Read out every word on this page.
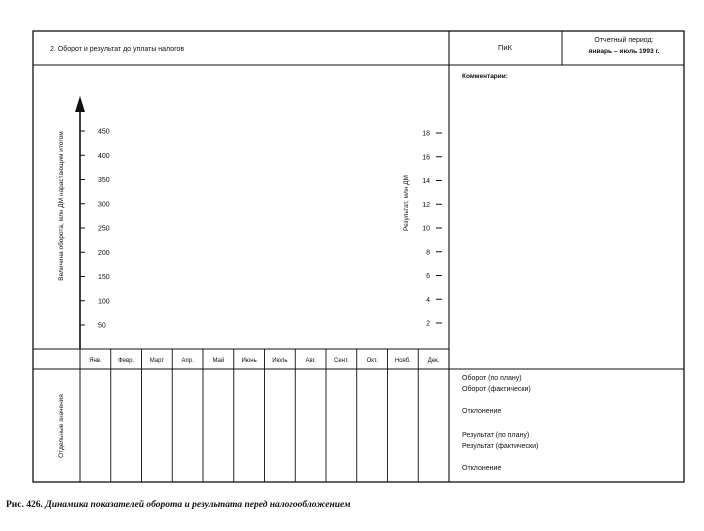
2. Оборот и результат до уплаты налогов	ПиК
Отчетный период:
январь – июль 1993 г.
Комментарии:
Величина оборота, млн ДМ нарастающим итогом	Результат, млн ДМ
Отдельные значения
50
100
150
200
250
300
350
400
450
2
4
6
8
10
12
14
16
18
Янв.	Февр.	Март	Апр.	Май	Июнь	Июль	Авг.	Сент.	Окт.	Нояб.	Дек.
Оборот (по плану)
Оборот (фактически)
Отклонение
Результат (по плану)
Результат (фактически)
Отклонение
Рис. 426. Динамика показателей оборота и результата перед налогообложением
